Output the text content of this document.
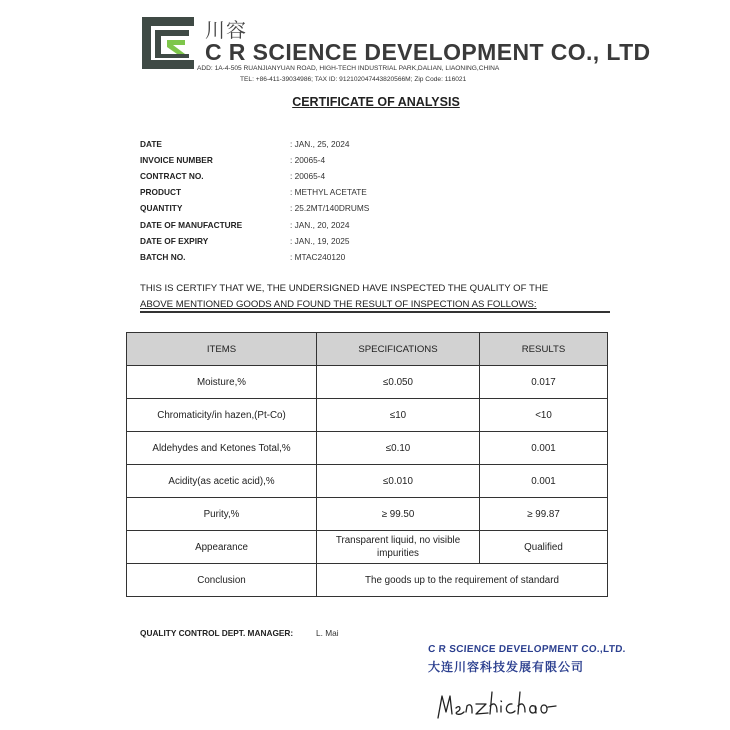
川容
C R SCIENCE DEVELOPMENT CO., LTD
ADD: 1A-4-505 RUANJIANYUAN ROAD, HIGH-TECH INDUSTRIAL PARK,DALIAN, LIAONING,CHINA
TEL: +86-411-39034986; TAX ID: 912102047443820566M; Zip Code: 116021
CERTIFICATE OF ANALYSIS
DATE	: JAN., 25, 2024
INVOICE NUMBER	: 20065-4
CONTRACT NO.	: 20065-4
PRODUCT	: METHYL ACETATE
QUANTITY	: 25.2MT/140DRUMS
DATE OF MANUFACTURE	: JAN., 20, 2024
DATE OF EXPIRY	: JAN., 19, 2025
BATCH NO.	: MTAC240120
THIS IS CERTIFY THAT WE, THE UNDERSIGNED HAVE INSPECTED THE QUALITY OF THE
ABOVE MENTIONED GOODS AND FOUND THE RESULT OF INSPECTION AS FOLLOWS:
ITEMS	SPECIFICATIONS	RESULTS
Moisture,%	≤0.050	0.017
Chromaticity/in hazen,(Pt-Co)	≤10	<10
Aldehydes and Ketones Total,%	≤0.10	0.001
Acidity(as acetic acid),%	≤0.010	0.001
Purity,%	≥ 99.50	≥ 99.87
Appearance	Transparent liquid, no visible impurities	Qualified
Conclusion	The goods up to the requirement of standard	
QUALITY CONTROL DEPT. MANAGER:	L. Mai
C R SCIENCE DEVELOPMENT CO.,LTD.
大连川容科技发展有限公司
